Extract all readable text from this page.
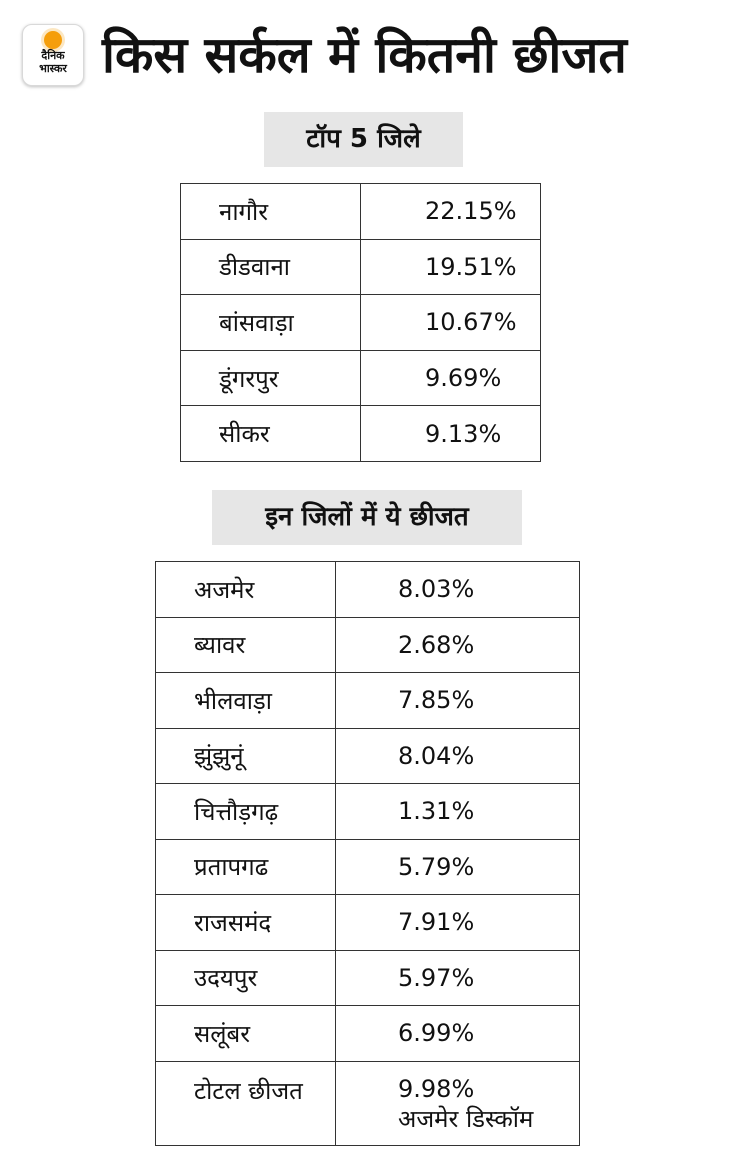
दैनिक
भास्कर किस सर्कल में कितनी छीजत
टॉप 5 जिले
नागौर	22.15%
डीडवाना	19.51%
बांसवाड़ा	10.67%
डूंगरपुर	9.69%
सीकर	9.13%
इन जिलों में ये छीजत
अजमेर	8.03%
ब्यावर	2.68%
भीलवाड़ा	7.85%
झुंझुनूं	8.04%
चित्तौड़गढ़	1.31%
प्रतापगढ	5.79%
राजसमंद	7.91%
उदयपुर	5.97%
सलूंबर	6.99%
टोटल छीजत	9.98%
अजमेर डिस्कॉम
